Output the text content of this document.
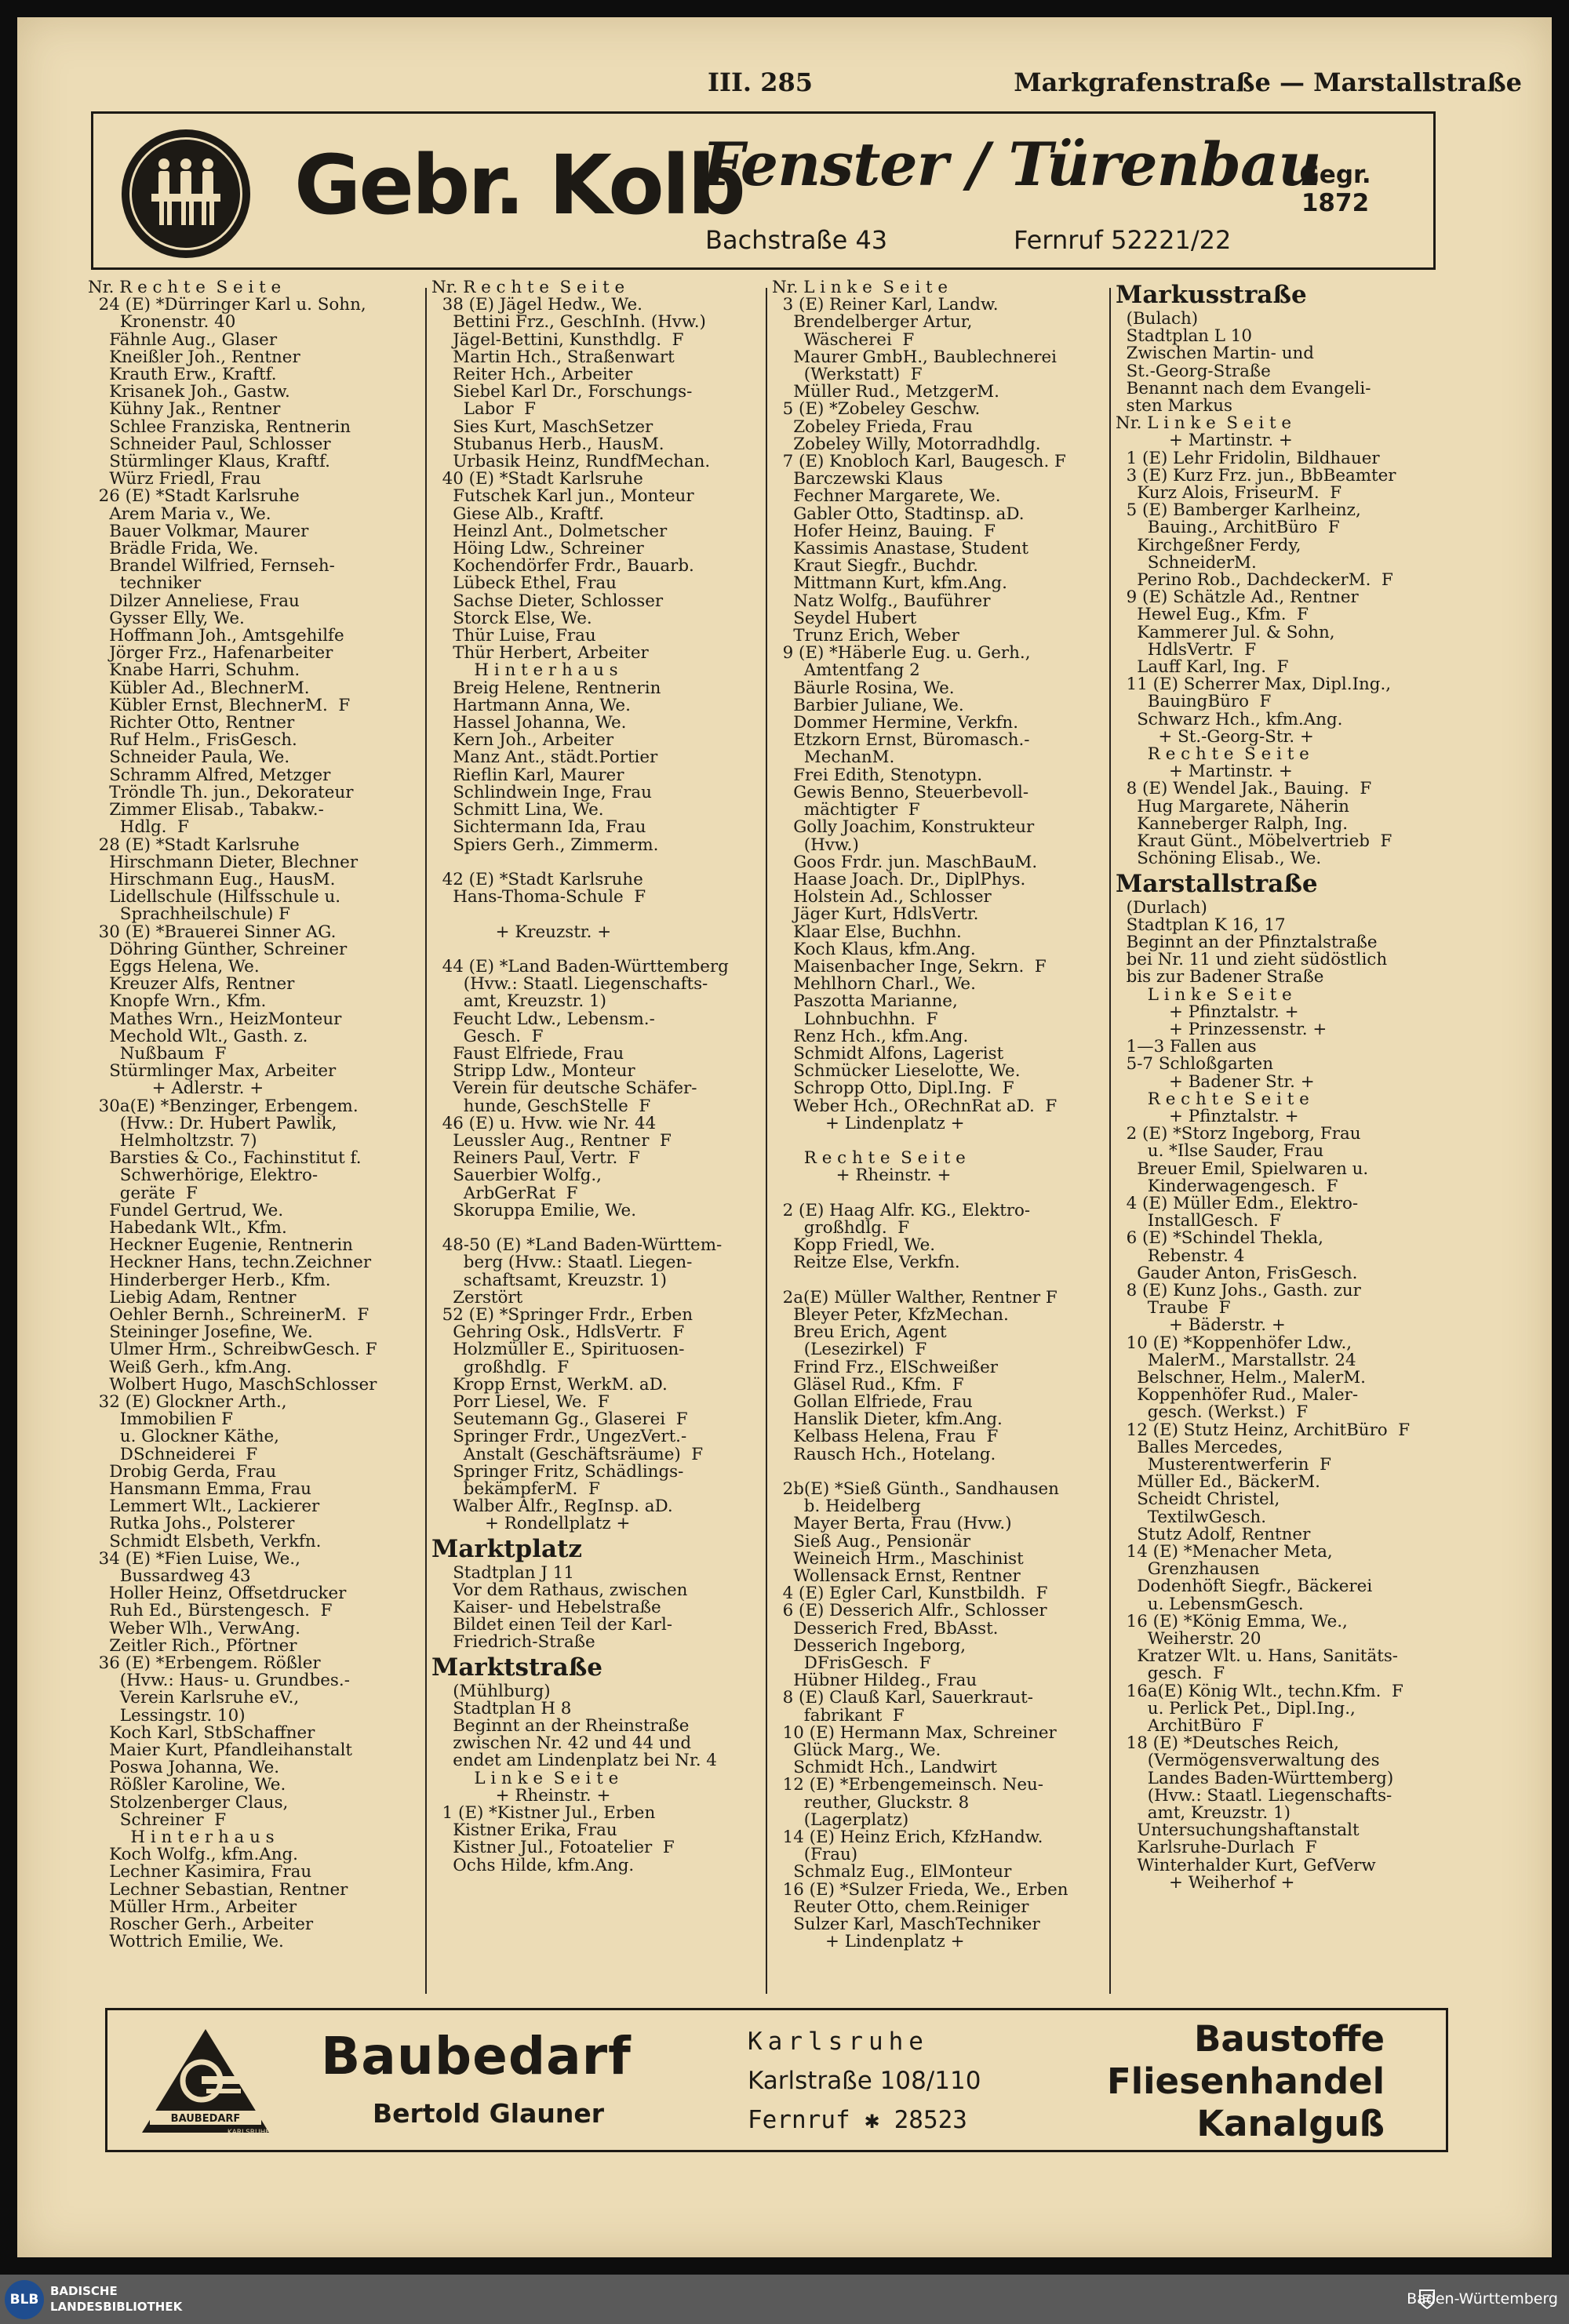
III. 285	Markgrafenstraße — Marstallstraße
Gebr. Kolb
Fenster / Türenbau
Bachstraße 43	Fernruf 52221/22
Gegr.
1872
Nr. R e c h t e  S e i t e
24 (E) *Dürringer Karl u. Sohn,
Kronenstr. 40
Fähnle Aug., Glaser
Kneißler Joh., Rentner
Krauth Erw., Kraftf.
Krisanek Joh., Gastw.
Kühny Jak., Rentner
Schlee Franziska, Rentnerin
Schneider Paul, Schlosser
Stürmlinger Klaus, Kraftf.
Würz Friedl, Frau
26 (E) *Stadt Karlsruhe
Arem Maria v., We.
Bauer Volkmar, Maurer
Brädle Frida, We.
Brandel Wilfried, Fernseh-
techniker
Dilzer Anneliese, Frau
Gysser Elly, We.
Hoffmann Joh., Amtsgehilfe
Jörger Frz., Hafenarbeiter
Knabe Harri, Schuhm.
Kübler Ad., BlechnerM.
Kübler Ernst, BlechnerM.  F
Richter Otto, Rentner
Ruf Helm., FrisGesch.
Schneider Paula, We.
Schramm Alfred, Metzger
Tröndle Th. jun., Dekorateur
Zimmer Elisab., Tabakw.-
Hdlg.  F
28 (E) *Stadt Karlsruhe
Hirschmann Dieter, Blechner
Hirschmann Eug., HausM.
Lidellschule (Hilfsschule u.
Sprachheilschule) F
30 (E) *Brauerei Sinner AG.
Döhring Günther, Schreiner
Eggs Helena, We.
Kreuzer Alfs, Rentner
Knopfe Wrn., Kfm.
Mathes Wrn., HeizMonteur
Mechold Wlt., Gasth. z.
Nußbaum  F
Stürmlinger Max, Arbeiter
+ Adlerstr. +
30a(E) *Benzinger, Erbengem.
(Hvw.: Dr. Hubert Pawlik,
Helmholtzstr. 7)
Barsties & Co., Fachinstitut f.
Schwerhörige, Elektro-
geräte  F
Fundel Gertrud, We.
Habedank Wlt., Kfm.
Heckner Eugenie, Rentnerin
Heckner Hans, techn.Zeichner
Hinderberger Herb., Kfm.
Liebig Adam, Rentner
Oehler Bernh., SchreinerM.  F
Steininger Josefine, We.
Ulmer Hrm., SchreibwGesch. F
Weiß Gerh., kfm.Ang.
Wolbert Hugo, MaschSchlosser
32 (E) Glockner Arth.,
Immobilien F
u. Glockner Käthe,
DSchneiderei  F
Drobig Gerda, Frau
Hansmann Emma, Frau
Lemmert Wlt., Lackierer
Rutka Johs., Polsterer
Schmidt Elsbeth, Verkfn.
34 (E) *Fien Luise, We.,
Bussardweg 43
Holler Heinz, Offsetdrucker
Ruh Ed., Bürstengesch.  F
Weber Wlh., VerwAng.
Zeitler Rich., Pförtner
36 (E) *Erbengem. Rößler
(Hvw.: Haus- u. Grundbes.-
Verein Karlsruhe eV.,
Lessingstr. 10)
Koch Karl, StbSchaffner
Maier Kurt, Pfandleihanstalt
Poswa Johanna, We.
Rößler Karoline, We.
Stolzenberger Claus,
Schreiner  F
H i n t e r h a u s
Koch Wolfg., kfm.Ang.
Lechner Kasimira, Frau
Lechner Sebastian, Rentner
Müller Hrm., Arbeiter
Roscher Gerh., Arbeiter
Wottrich Emilie, We.
Nr. R e c h t e  S e i t e
38 (E) Jägel Hedw., We.
Bettini Frz., GeschInh. (Hvw.)
Jägel-Bettini, Kunsthdlg.  F
Martin Hch., Straßenwart
Reiter Hch., Arbeiter
Siebel Karl Dr., Forschungs-
Labor  F
Sies Kurt, MaschSetzer
Stubanus Herb., HausM.
Urbasik Heinz, RundfMechan.
40 (E) *Stadt Karlsruhe
Futschek Karl jun., Monteur
Giese Alb., Kraftf.
Heinzl Ant., Dolmetscher
Höing Ldw., Schreiner
Kochendörfer Frdr., Bauarb.
Lübeck Ethel, Frau
Sachse Dieter, Schlosser
Storck Else, We.
Thür Luise, Frau
Thür Herbert, Arbeiter
H i n t e r h a u s
Breig Helene, Rentnerin
Hartmann Anna, We.
Hassel Johanna, We.
Kern Joh., Arbeiter
Manz Ant., städt.Portier
Rieflin Karl, Maurer
Schlindwein Inge, Frau
Schmitt Lina, We.
Sichtermann Ida, Frau
Spiers Gerh., Zimmerm.

42 (E) *Stadt Karlsruhe
Hans-Thoma-Schule  F

+ Kreuzstr. +

44 (E) *Land Baden-Württemberg
(Hvw.: Staatl. Liegenschafts-
amt, Kreuzstr. 1)
Feucht Ldw., Lebensm.-
Gesch.  F
Faust Elfriede, Frau
Stripp Ldw., Monteur
Verein für deutsche Schäfer-
hunde, GeschStelle  F
46 (E) u. Hvw. wie Nr. 44
Leussler Aug., Rentner  F
Reiners Paul, Vertr.  F
Sauerbier Wolfg.,
ArbGerRat  F
Skoruppa Emilie, We.

48-50 (E) *Land Baden-Württem-
berg (Hvw.: Staatl. Liegen-
schaftsamt, Kreuzstr. 1)
Zerstört
52 (E) *Springer Frdr., Erben
Gehring Osk., HdlsVertr.  F
Holzmüller E., Spirituosen-
großhdlg.  F
Kropp Ernst, WerkM. aD.
Porr Liesel, We.  F
Seutemann Gg., Glaserei  F
Springer Frdr., UngezVert.-
Anstalt (Geschäftsräume)  F
Springer Fritz, Schädlings-
bekämpferM.  F
Walber Alfr., RegInsp. aD.
+ Rondellplatz +

Marktplatz
Stadtplan J 11
Vor dem Rathaus, zwischen
Kaiser- und Hebelstraße
Bildet einen Teil der Karl-
Friedrich-Straße

Marktstraße
(Mühlburg)
Stadtplan H 8
Beginnt an der Rheinstraße
zwischen Nr. 42 und 44 und
endet am Lindenplatz bei Nr. 4
L i n k e  S e i t e
+ Rheinstr. +
1 (E) *Kistner Jul., Erben
Kistner Erika, Frau
Kistner Jul., Fotoatelier  F
Ochs Hilde, kfm.Ang.
Nr. L i n k e  S e i t e
3 (E) Reiner Karl, Landw.
Brendelberger Artur,
Wäscherei  F
Maurer GmbH., Baublechnerei
(Werkstatt)  F
Müller Rud., MetzgerM.
5 (E) *Zobeley Geschw.
Zobeley Frieda, Frau
Zobeley Willy, Motorradhdlg.
7 (E) Knobloch Karl, Baugesch. F
Barczewski Klaus
Fechner Margarete, We.
Gabler Otto, Stadtinsp. aD.
Hofer Heinz, Bauing.  F
Kassimis Anastase, Student
Kraut Siegfr., Buchdr.
Mittmann Kurt, kfm.Ang.
Natz Wolfg., Bauführer
Seydel Hubert
Trunz Erich, Weber
9 (E) *Häberle Eug. u. Gerh.,
Amtentfang 2
Bäurle Rosina, We.
Barbier Juliane, We.
Dommer Hermine, Verkfn.
Etzkorn Ernst, Büromasch.-
MechanM.
Frei Edith, Stenotypn.
Gewis Benno, Steuerbevoll-
mächtigter  F
Golly Joachim, Konstrukteur
(Hvw.)
Goos Frdr. jun. MaschBauM.
Haase Joach. Dr., DiplPhys.
Holstein Ad., Schlosser
Jäger Kurt, HdlsVertr.
Klaar Else, Buchhn.
Koch Klaus, kfm.Ang.
Maisenbacher Inge, Sekrn.  F
Mehlhorn Charl., We.
Paszotta Marianne,
Lohnbuchhn.  F
Renz Hch., kfm.Ang.
Schmidt Alfons, Lagerist
Schmücker Lieselotte, We.
Schropp Otto, Dipl.Ing.  F
Weber Hch., ORechnRat aD.  F
+ Lindenplatz +

R e c h t e  S e i t e
+ Rheinstr. +

2 (E) Haag Alfr. KG., Elektro-
großhdlg.  F
Kopp Friedl, We.
Reitze Else, Verkfn.

2a(E) Müller Walther, Rentner F
Bleyer Peter, KfzMechan.
Breu Erich, Agent
(Lesezirkel)  F
Frind Frz., ElSchweißer
Gläsel Rud., Kfm.  F
Gollan Elfriede, Frau
Hanslik Dieter, kfm.Ang.
Kelbass Helena, Frau  F
Rausch Hch., Hotelang.

2b(E) *Sieß Günth., Sandhausen
b. Heidelberg
Mayer Berta, Frau (Hvw.)
Sieß Aug., Pensionär
Weineich Hrm., Maschinist
Wollensack Ernst, Rentner
4 (E) Egler Carl, Kunstbildh.  F
6 (E) Desserich Alfr., Schlosser
Desserich Fred, BbAsst.
Desserich Ingeborg,
DFrisGesch.  F
Hübner Hildeg., Frau
8 (E) Clauß Karl, Sauerkraut-
fabrikant  F
10 (E) Hermann Max, Schreiner
Glück Marg., We.
Schmidt Hch., Landwirt
12 (E) *Erbengemeinsch. Neu-
reuther, Gluckstr. 8
(Lagerplatz)
14 (E) Heinz Erich, KfzHandw.
(Frau)
Schmalz Eug., ElMonteur
16 (E) *Sulzer Frieda, We., Erben
Reuter Otto, chem.Reiniger
Sulzer Karl, MaschTechniker
+ Lindenplatz +
Markusstraße
(Bulach)
Stadtplan L 10
Zwischen Martin- und
St.-Georg-Straße
Benannt nach dem Evangeli-
sten Markus
Nr. L i n k e  S e i t e
+ Martinstr. +
1 (E) Lehr Fridolin, Bildhauer
3 (E) Kurz Frz. jun., BbBeamter
Kurz Alois, FriseurM.  F
5 (E) Bamberger Karlheinz,
Bauing., ArchitBüro  F
Kirchgeßner Ferdy,
SchneiderM.
Perino Rob., DachdeckerM.  F
9 (E) Schätzle Ad., Rentner
Hewel Eug., Kfm.  F
Kammerer Jul. & Sohn,
HdlsVertr.  F
Lauff Karl, Ing.  F
11 (E) Scherrer Max, Dipl.Ing.,
BauingBüro  F
Schwarz Hch., kfm.Ang.
+ St.-Georg-Str. +
R e c h t e  S e i t e
+ Martinstr. +
8 (E) Wendel Jak., Bauing.  F
Hug Margarete, Näherin
Kanneberger Ralph, Ing.
Kraut Günt., Möbelvertrieb  F
Schöning Elisab., We.

Marstallstraße
(Durlach)
Stadtplan K 16, 17
Beginnt an der Pfinztalstraße
bei Nr. 11 und zieht südöstlich
bis zur Badener Straße
L i n k e  S e i t e
+ Pfinztalstr. +
+ Prinzessenstr. +
1—3 Fallen aus
5-7 Schloßgarten
+ Badener Str. +
R e c h t e  S e i t e
+ Pfinztalstr. +
2 (E) *Storz Ingeborg, Frau
u. *Ilse Sauder, Frau
Breuer Emil, Spielwaren u.
Kinderwagengesch.  F
4 (E) Müller Edm., Elektro-
InstallGesch.  F
6 (E) *Schindel Thekla,
Rebenstr. 4
Gauder Anton, FrisGesch.
8 (E) Kunz Johs., Gasth. zur
Traube  F
+ Bäderstr. +
10 (E) *Koppenhöfer Ldw.,
MalerM., Marstallstr. 24
Belschner, Helm., MalerM.
Koppenhöfer Rud., Maler-
gesch. (Werkst.)  F
12 (E) Stutz Heinz, ArchitBüro  F
Balles Mercedes,
Musterentwerferin  F
Müller Ed., BäckerM.
Scheidt Christel,
TextilwGesch.
Stutz Adolf, Rentner
14 (E) *Menacher Meta,
Grenzhausen
Dodenhöft Siegfr., Bäckerei
u. LebensmGesch.
16 (E) *König Emma, We.,
Weiherstr. 20
Kratzer Wlt. u. Hans, Sanitäts-
gesch.  F
16a(E) König Wlt., techn.Kfm.  F
u. Perlick Pet., Dipl.Ing.,
ArchitBüro  F
18 (E) *Deutsches Reich,
(Vermögensverwaltung des
Landes Baden-Württemberg)
(Hvw.: Staatl. Liegenschafts-
amt, Kreuzstr. 1)
Untersuchungshaftanstalt
Karlsruhe-Durlach  F
Winterhalder Kurt, GefVerw
+ Weiherhof +
BAUBEDARF
KARLSRUHE
Baubedarf
Bertold Glauner
Karlsruhe
Karlstraße 108/110
Fernruf ✱ 28523
Baustoffe
Fliesenhandel
Kanalguß
BLB
BADISCHE
LANDESBIBLIOTHEK	Baden-Württemberg
